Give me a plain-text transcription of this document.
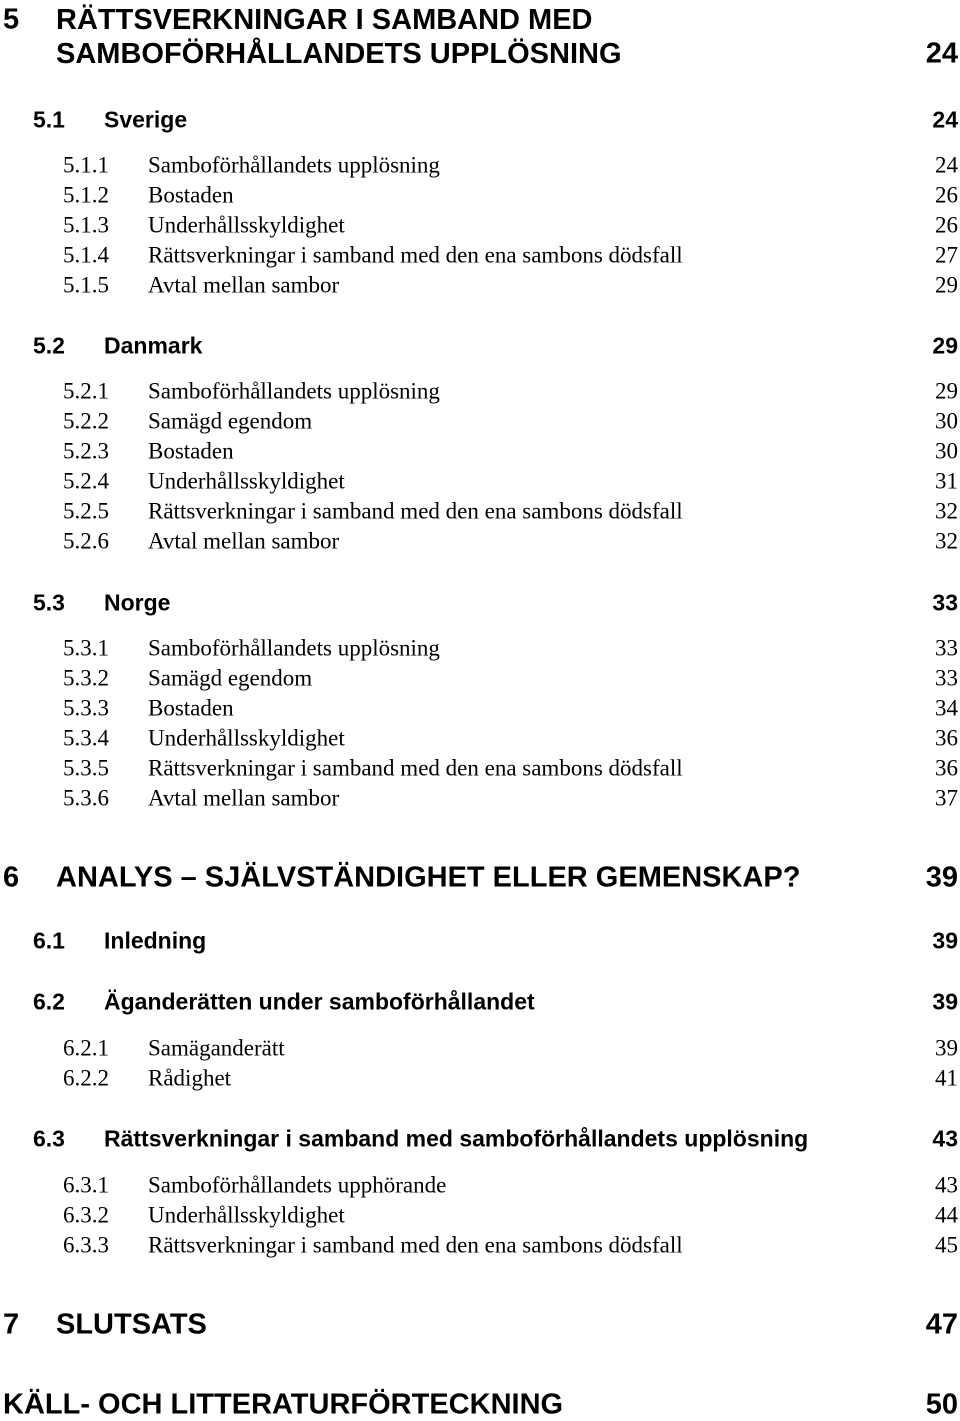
5 RÄTTSVERKNINGAR I SAMBAND MED
SAMBOFÖRHÅLLANDETS UPPLÖSNING	24
5.1 Sverige	24
5.1.1 Samboförhållandets upplösning	24
5.1.2 Bostaden	26
5.1.3 Underhållsskyldighet	26
5.1.4 Rättsverkningar i samband med den ena sambons dödsfall	27
5.1.5 Avtal mellan sambor	29
5.2 Danmark	29
5.2.1 Samboförhållandets upplösning	29
5.2.2 Samägd egendom	30
5.2.3 Bostaden	30
5.2.4 Underhållsskyldighet	31
5.2.5 Rättsverkningar i samband med den ena sambons dödsfall	32
5.2.6 Avtal mellan sambor	32
5.3 Norge	33
5.3.1 Samboförhållandets upplösning	33
5.3.2 Samägd egendom	33
5.3.3 Bostaden	34
5.3.4 Underhållsskyldighet	36
5.3.5 Rättsverkningar i samband med den ena sambons dödsfall	36
5.3.6 Avtal mellan sambor	37
6 ANALYS – SJÄLVSTÄNDIGHET ELLER GEMENSKAP?	39
6.1 Inledning	39
6.2 Äganderätten under samboförhållandet	39
6.2.1 Samäganderätt	39
6.2.2 Rådighet	41
6.3 Rättsverkningar i samband med samboförhållandets upplösning	43
6.3.1 Samboförhållandets upphörande	43
6.3.2 Underhållsskyldighet	44
6.3.3 Rättsverkningar i samband med den ena sambons dödsfall	45
7 SLUTSATS	47
KÄLL- OCH LITTERATURFÖRTECKNING	50
